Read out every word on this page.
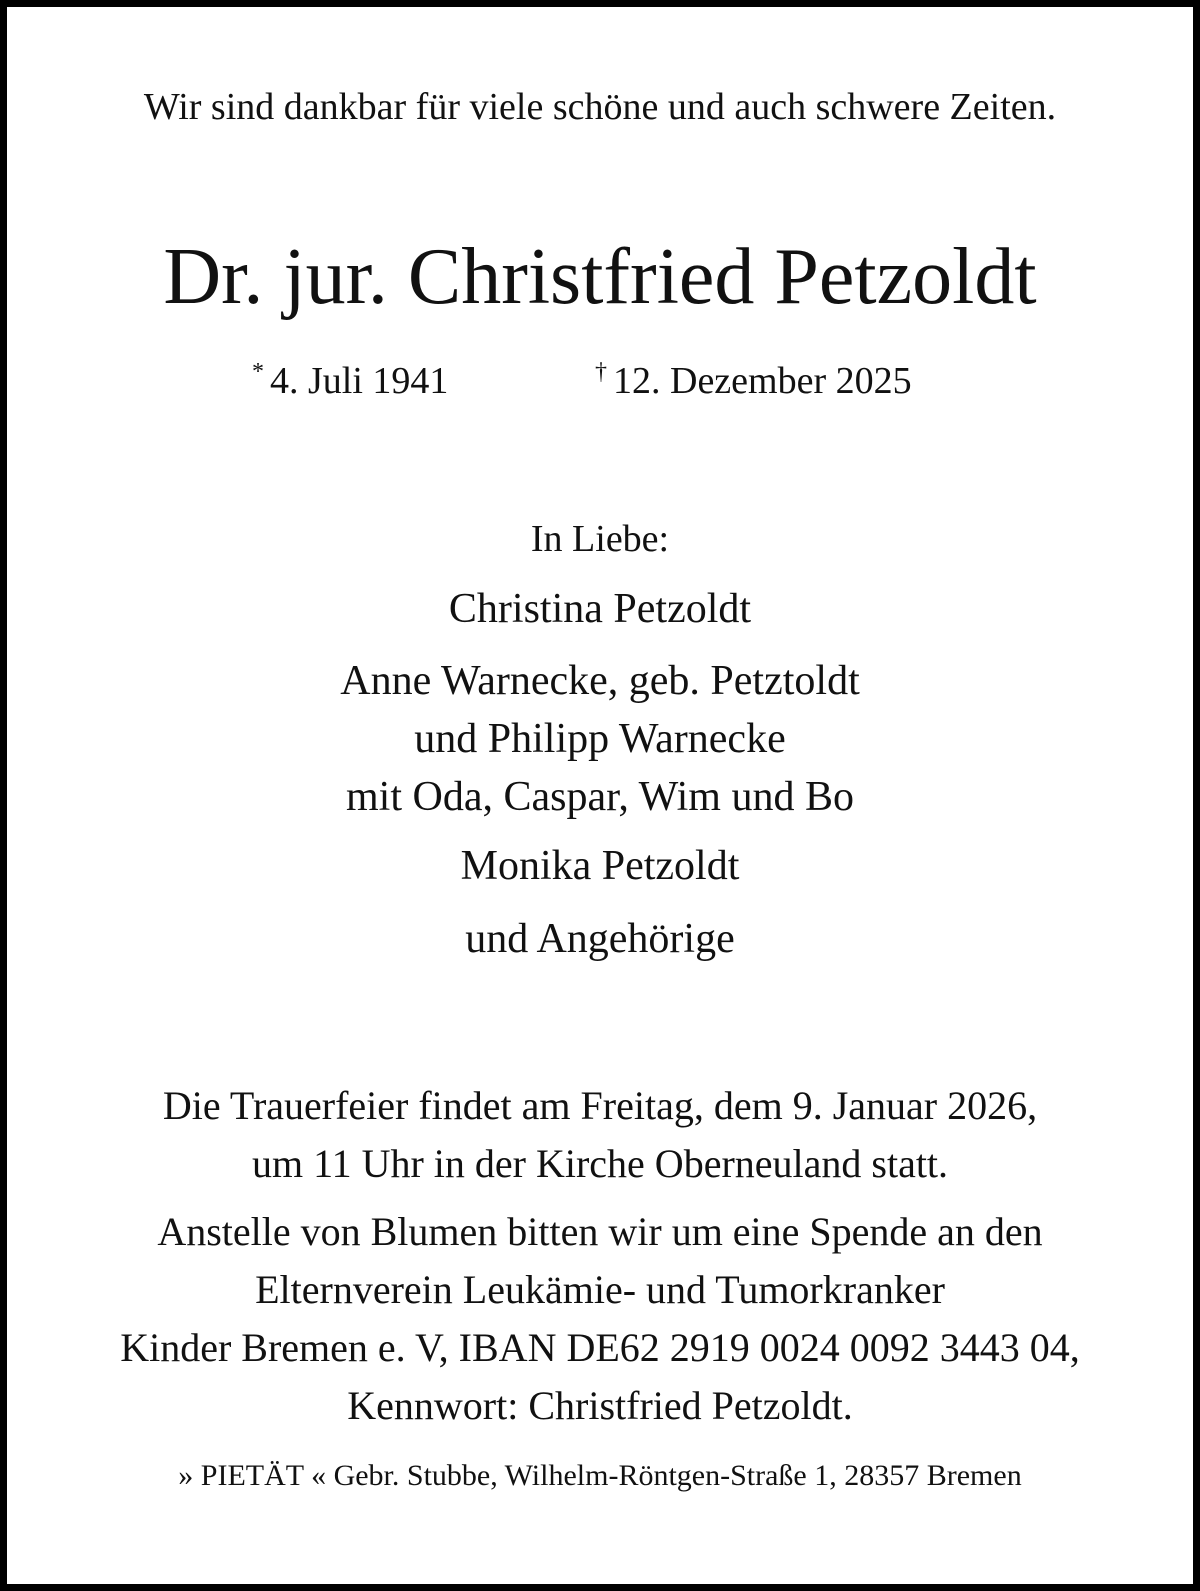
Wir sind dankbar für viele schöne und auch schwere Zeiten.
Dr. jur. Christfried Petzoldt
* 4. Juli 1941	† 12. Dezember 2025
In Liebe:
Christina Petzoldt
Anne Warnecke, geb. Petztoldt
und Philipp Warnecke
mit Oda, Caspar, Wim und Bo
Monika Petzoldt
und Angehörige
Die Trauerfeier findet am Freitag, dem 9. Januar 2026,
um 11 Uhr in der Kirche Oberneuland statt.
Anstelle von Blumen bitten wir um eine Spende an den
Elternverein Leukämie- und Tumorkranker
Kinder Bremen e. V, IBAN DE62 2919 0024 0092 3443 04,
Kennwort: Christfried Petzoldt.
» PIETÄT « Gebr. Stubbe, Wilhelm-Röntgen-Straße 1, 28357 Bremen
